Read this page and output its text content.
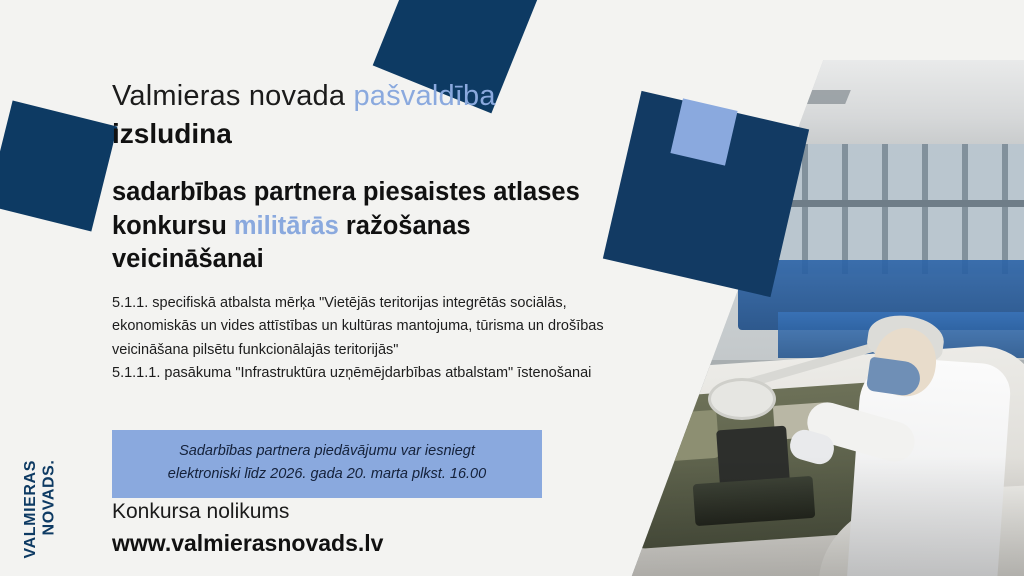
Valmieras novada pašvaldība
izsludina
sadarbības partnera piesaistes atlases konkursu militārās ražošanas veicināšanai

5.1.1. specifiskā atbalsta mērķa "Vietējās teritorijas integrētās sociālās, ekonomiskās un vides attīstības un kultūras mantojuma, tūrisma un drošības veicināšana pilsētu funkcionālajās teritorijās"

5.1.1.1. pasākuma "Infrastruktūra uzņēmējdarbības atbalstam" īstenošanai

Sadarbības partnera piedāvājumu var iesniegt

elektroniski līdz 2026. gada 20. marta plkst. 16.00

Konkursa nolikums
www.valmierasnovads.lv
VALMIERAS
NOVADS.
